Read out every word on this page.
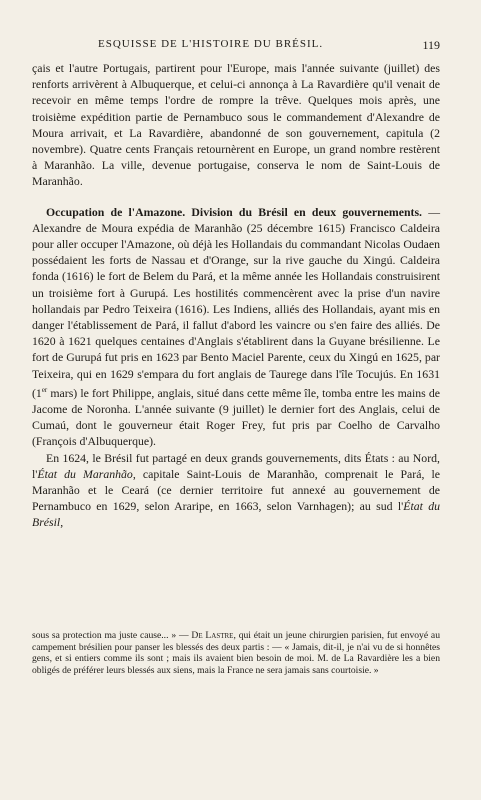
ESQUISSE DE L'HISTOIRE DU BRÉSIL.	119

çais et l'autre Portugais, partirent pour l'Europe, mais l'année suivante (juillet) des renforts arrivèrent à Albuquerque, et celui-ci annonça à La Ravardière qu'il venait de recevoir en même temps l'ordre de rompre la trêve. Quelques mois après, une troisième expédition partie de Pernambuco sous le commandement d'Alexandre de Moura arrivait, et La Ravardière, abandonné de son gouvernement, capitula (2 novembre). Quatre cents Français retournèrent en Europe, un grand nombre restèrent à Maranhão. La ville, devenue portugaise, conserva le nom de Saint-Louis de Maranhão.

Occupation de l'Amazone. Division du Brésil en deux gouvernements. — Alexandre de Moura expédia de Maranhão (25 décembre 1615) Francisco Caldeira pour aller occuper l'Amazone, où déjà les Hollandais du commandant Nicolas Oudaen possédaient les forts de Nassau et d'Orange, sur la rive gauche du Xingú. Caldeira fonda (1616) le fort de Belem du Pará, et la même année les Hollandais construisirent un troisième fort à Gurupá. Les hostilités commencèrent avec la prise d'un navire hollandais par Pedro Teixeira (1616). Les Indiens, alliés des Hollandais, ayant mis en danger l'établissement de Pará, il fallut d'abord les vaincre ou s'en faire des alliés. De 1620 à 1621 quelques centaines d'Anglais s'établirent dans la Guyane brésilienne. Le fort de Gurupá fut pris en 1623 par Bento Maciel Parente, ceux du Xingú en 1625, par Teixeira, qui en 1629 s'empara du fort anglais de Taurege dans l'île Tocujús. En 1631 (1er mars) le fort Philippe, anglais, situé dans cette même île, tomba entre les mains de Jacome de Noronha. L'année suivante (9 juillet) le dernier fort des Anglais, celui de Cumaú, dont le gouverneur était Roger Frey, fut pris par Coelho de Carvalho (François d'Albuquerque).

En 1624, le Brésil fut partagé en deux grands gouvernements, dits États : au Nord, l'État du Maranhão, capitale Saint-Louis de Maranhão, comprenait le Pará, le Maranhão et le Ceará (ce dernier territoire fut annexé au gouvernement de Pernambuco en 1629, selon Araripe, en 1663, selon Varnhagen); au sud l'État du Brésil,

sous sa protection ma juste cause... » — De Lastre, qui était un jeune chirurgien parisien, fut envoyé au campement brésilien pour panser les blessés des deux partis : — « Jamais, dit-il, je n'ai vu de si honnêtes gens, et si entiers comme ils sont ; mais ils avaient bien besoin de moi. M. de La Ravardière les a bien obligés de préférer leurs blessés aux siens, mais la France ne sera jamais sans courtoisie. »
